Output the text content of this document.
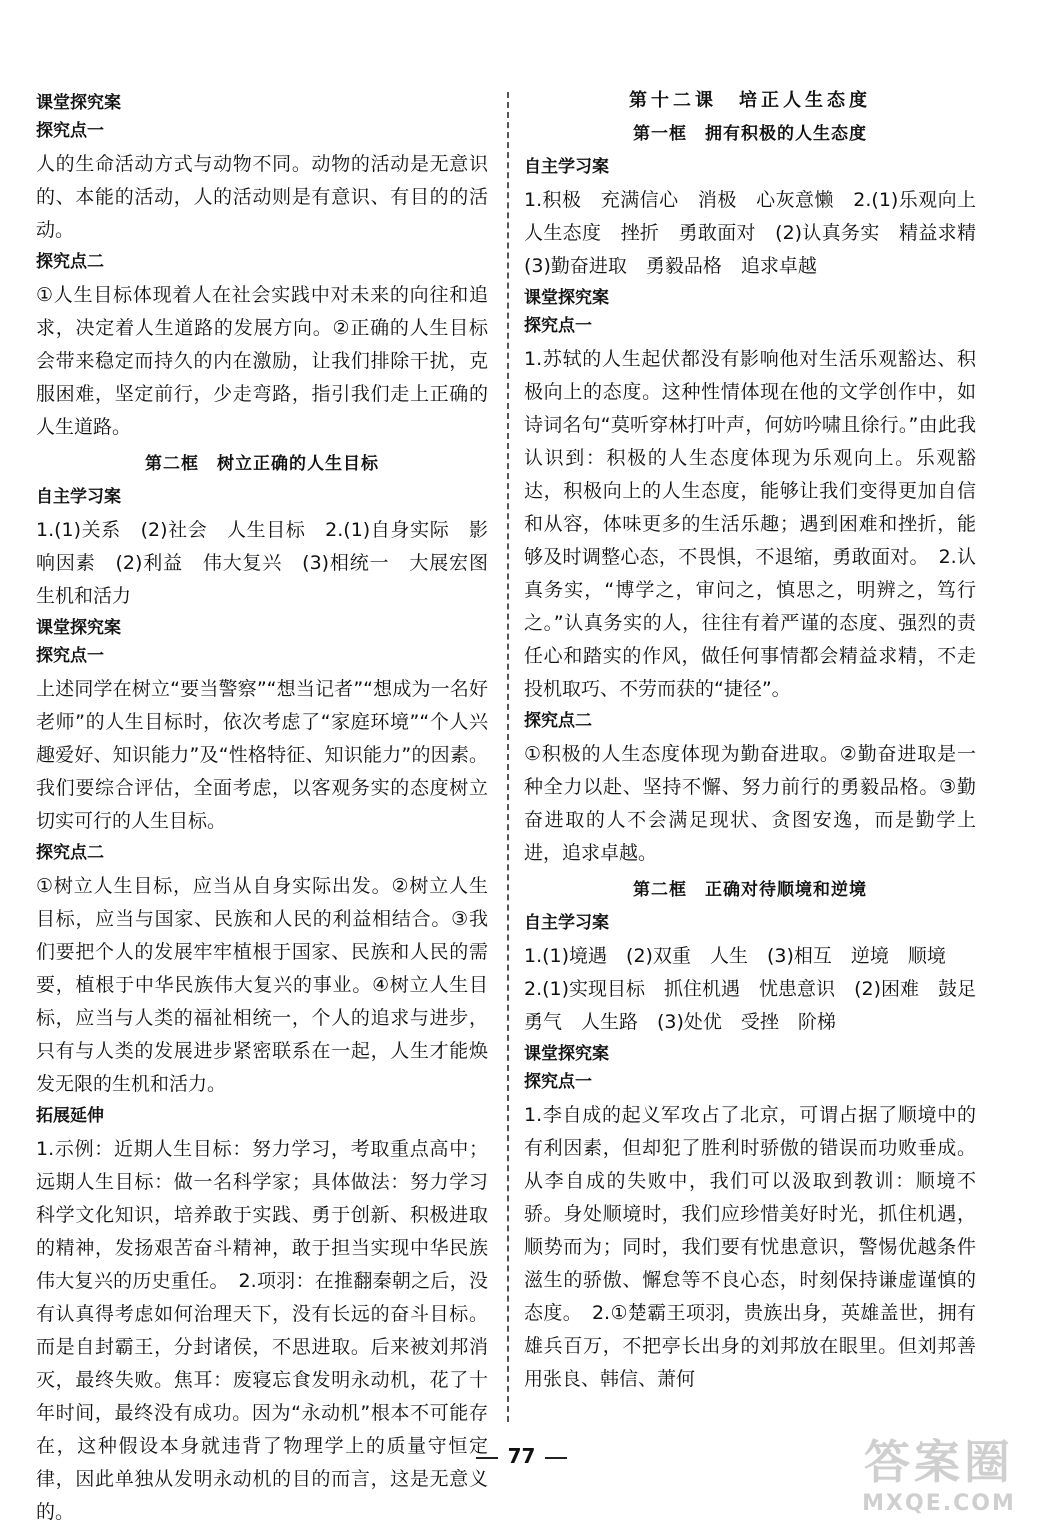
课堂探究案
探究点一
人的生命活动方式与动物不同。动物的活动是无意识的、本能的活动，人的活动则是有意识、有目的的活动。
探究点二
①人生目标体现着人在社会实践中对未来的向往和追求，决定着人生道路的发展方向。②正确的人生目标会带来稳定而持久的内在激励，让我们排除干扰，克服困难，坚定前行，少走弯路，指引我们走上正确的人生道路。
第二框　树立正确的人生目标
自主学习案
1.(1)关系　(2)社会　人生目标　2.(1)自身实际　影响因素　(2)利益　伟大复兴　(3)相统一　大展宏图　生机和活力
课堂探究案
探究点一
上述同学在树立“要当警察”“想当记者”“想成为一名好老师”的人生目标时，依次考虑了“家庭环境”“个人兴趣爱好、知识能力”及“性格特征、知识能力”的因素。我们要综合评估，全面考虑，以客观务实的态度树立切实可行的人生目标。
探究点二
①树立人生目标，应当从自身实际出发。②树立人生目标，应当与国家、民族和人民的利益相结合。③我们要把个人的发展牢牢植根于国家、民族和人民的需要，植根于中华民族伟大复兴的事业。④树立人生目标，应当与人类的福祉相统一，个人的追求与进步，只有与人类的发展进步紧密联系在一起，人生才能焕发无限的生机和活力。
拓展延伸
1.示例：近期人生目标：努力学习，考取重点高中；远期人生目标：做一名科学家；具体做法：努力学习科学文化知识，培养敢于实践、勇于创新、积极进取的精神，发扬艰苦奋斗精神，敢于担当实现中华民族伟大复兴的历史重任。　2.项羽：在推翻秦朝之后，没有认真得考虑如何治理天下，没有长远的奋斗目标。而是自封霸王，分封诸侯，不思进取。后来被刘邦消灭，最终失败。焦耳：废寝忘食发明永动机，花了十年时间，最终没有成功。因为“永动机”根本不可能存在，这种假设本身就违背了物理学上的质量守恒定律，因此单独从发明永动机的目的而言，这是无意义的。
第十二课　培正人生态度
第一框　拥有积极的人生态度
自主学习案
1.积极　充满信心　消极　心灰意懒　2.(1)乐观向上　人生态度　挫折　勇敢面对　(2)认真务实　精益求精　(3)勤奋进取　勇毅品格　追求卓越
课堂探究案
探究点一
1.苏轼的人生起伏都没有影响他对生活乐观豁达、积极向上的态度。这种性情体现在他的文学创作中，如诗词名句“莫听穿林打叶声，何妨吟啸且徐行。”由此我认识到：积极的人生态度体现为乐观向上。乐观豁达，积极向上的人生态度，能够让我们变得更加自信和从容，体味更多的生活乐趣；遇到困难和挫折，能够及时调整心态，不畏惧，不退缩，勇敢面对。　2.认真务实，“博学之，审问之，慎思之，明辨之，笃行之。”认真务实的人，往往有着严谨的态度、强烈的责任心和踏实的作风，做任何事情都会精益求精，不走投机取巧、不劳而获的“捷径”。
探究点二
①积极的人生态度体现为勤奋进取。②勤奋进取是一种全力以赴、坚持不懈、努力前行的勇毅品格。③勤奋进取的人不会满足现状、贪图安逸，而是勤学上进，追求卓越。
第二框　正确对待顺境和逆境
自主学习案
1.(1)境遇　(2)双重　人生　(3)相互　逆境　顺境
2.(1)实现目标　抓住机遇　忧患意识　(2)困难　鼓足勇气　人生路　(3)处优　受挫　阶梯
课堂探究案
探究点一
1.李自成的起义军攻占了北京，可谓占据了顺境中的有利因素，但却犯了胜利时骄傲的错误而功败垂成。从李自成的失败中，我们可以汲取到教训：顺境不骄。身处顺境时，我们应珍惜美好时光，抓住机遇，顺势而为；同时，我们要有忧患意识，警惕优越条件滋生的骄傲、懈怠等不良心态，时刻保持谦虚谨慎的态度。　2.①楚霸王项羽，贵族出身，英雄盖世，拥有雄兵百万，不把亭长出身的刘邦放在眼里。但刘邦善用张良、韩信、萧何
77	答案圈
MXQE.COM
